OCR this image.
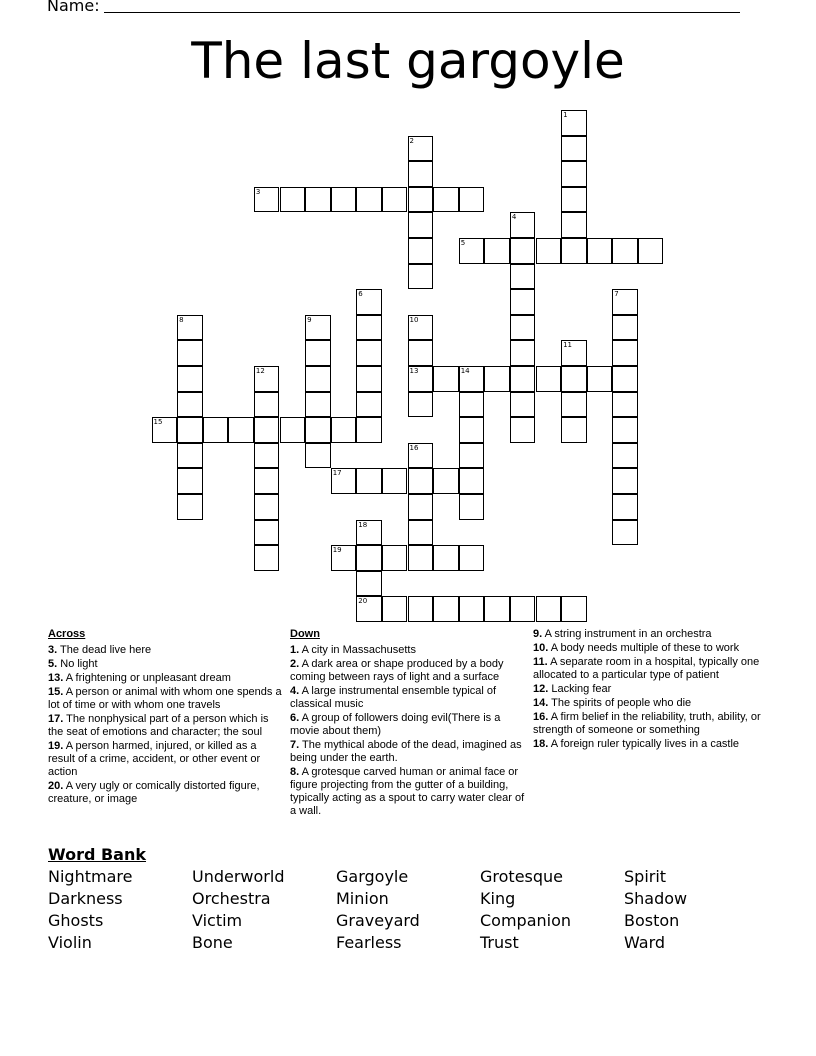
Name:
The last gargoyle
1
2
3
4
5
6	7
8	9	10
13
11
12	14
15
16
17
18
20
19
Across
3. The dead live here
5. No light
13. A frightening or unpleasant dream
15. A person or animal with whom one spends a lot of time or with whom one travels
17. The nonphysical part of a person which is the seat of emotions and character; the soul
19. A person harmed, injured, or killed as a result of a crime, accident, or other event or action
20. A very ugly or comically distorted figure, creature, or image
Down
1. A city in Massachusetts
2. A dark area or shape produced by a body coming between rays of light and a surface
4. A large instrumental ensemble typical of classical music
6. A group of followers doing evil(There is a movie about them)
7. The mythical abode of the dead, imagined as being under the earth.
8. A grotesque carved human or animal face or figure projecting from the gutter of a building, typically acting as a spout to carry water clear of a wall.
9. A string instrument in an orchestra
10. A body needs multiple of these to work
11. A separate room in a hospital, typically one allocated to a particular type of patient
12. Lacking fear
14. The spirits of people who die
16. A firm belief in the reliability, truth, ability, or strength of someone or something
18. A foreign ruler typically lives in a castle
Word Bank
Nightmare	Underworld	Gargoyle	Grotesque	Spirit
Darkness	Orchestra	Minion	King	Shadow
Ghosts	Victim	Graveyard	Companion	Boston
Violin	Bone	Fearless	Trust	Ward
